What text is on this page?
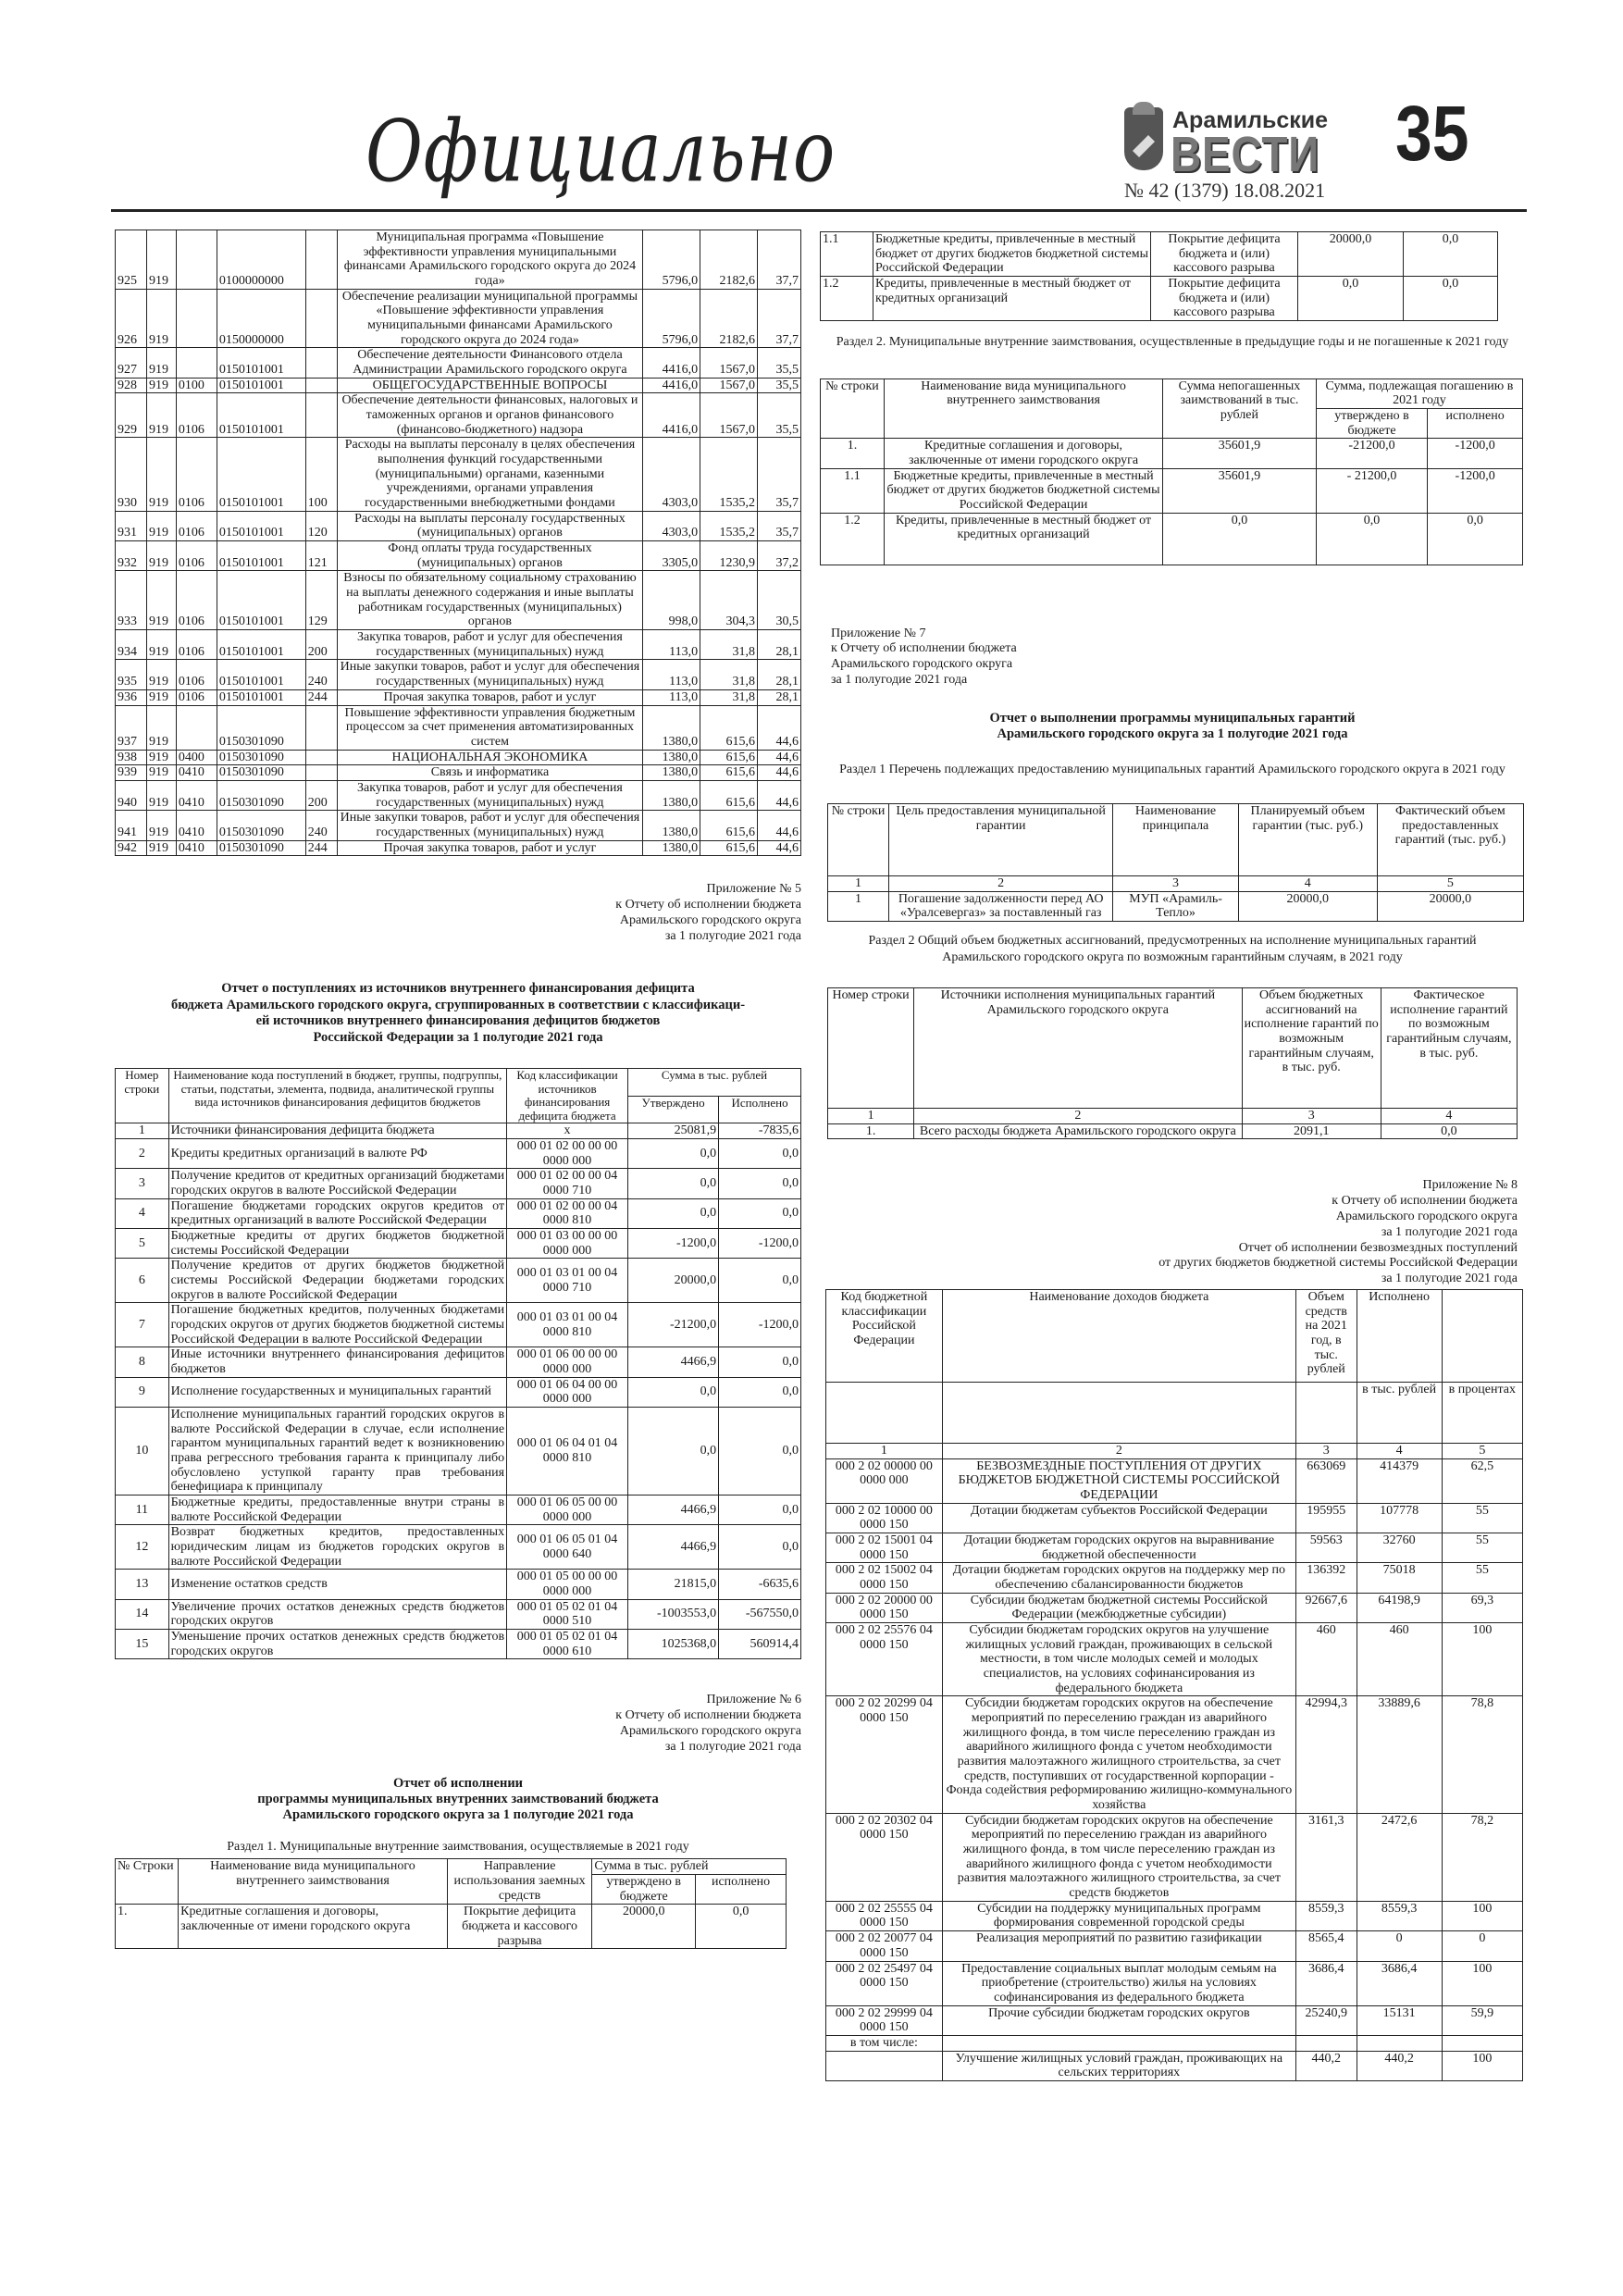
Официально	Арамильские
ВЕСТИ
№ 42 (1379) 18.08.2021
35
925	919		0100000000		Муниципальная программа «Повышение эффективности управления муниципальными финансами Арамильского городского округа до 2024 года»	5796,0	2182,6	37,7
926	919		0150000000		Обеспечение реализации муниципальной программы «Повышение эффективности управления муниципальными финансами Арамильского городского округа до 2024 года»	5796,0	2182,6	37,7
927	919		0150101001		Обеспечение деятельности Финансового отдела Администрации Арамильского городского округа	4416,0	1567,0	35,5
928	919	0100	0150101001		ОБЩЕГОСУДАРСТВЕННЫЕ ВОПРОСЫ	4416,0	1567,0	35,5
929	919	0106	0150101001		Обеспечение деятельности финансовых, налоговых и таможенных органов и органов финансового (финансово-бюджетного) надзора	4416,0	1567,0	35,5
930	919	0106	0150101001	100	Расходы на выплаты персоналу в целях обеспечения выполнения функций государственными (муниципальными) органами, казенными учреждениями, органами управления государственными внебюджетными фондами	4303,0	1535,2	35,7
931	919	0106	0150101001	120	Расходы на выплаты персоналу государственных (муниципальных) органов	4303,0	1535,2	35,7
932	919	0106	0150101001	121	Фонд оплаты труда государственных (муниципальных) органов	3305,0	1230,9	37,2
933	919	0106	0150101001	129	Взносы по обязательному социальному страхованию на выплаты денежного содержания и иные выплаты работникам государственных (муниципальных) органов	998,0	304,3	30,5
934	919	0106	0150101001	200	Закупка товаров, работ и услуг для обеспечения государственных (муниципальных) нужд	113,0	31,8	28,1
935	919	0106	0150101001	240	Иные закупки товаров, работ и услуг для обеспечения государственных (муниципальных) нужд	113,0	31,8	28,1
936	919	0106	0150101001	244	Прочая закупка товаров, работ и услуг	113,0	31,8	28,1
937	919		0150301090		Повышение эффективности управления бюджетным процессом за счет применения автоматизированных систем	1380,0	615,6	44,6
938	919	0400	0150301090		НАЦИОНАЛЬНАЯ ЭКОНОМИКА	1380,0	615,6	44,6
939	919	0410	0150301090		Связь и информатика	1380,0	615,6	44,6
940	919	0410	0150301090	200	Закупка товаров, работ и услуг для обеспечения государственных (муниципальных) нужд	1380,0	615,6	44,6
941	919	0410	0150301090	240	Иные закупки товаров, работ и услуг для обеспечения государственных (муниципальных) нужд	1380,0	615,6	44,6
942	919	0410	0150301090	244	Прочая закупка товаров, работ и услуг	1380,0	615,6	44,6
Приложение № 5
к Отчету об исполнении бюджета
Арамильского городского округа
за 1 полугодие 2021 года
Отчет о поступлениях из источников внутреннего финансирования дефицита
бюджета Арамильского городского округа, сгруппированных в соответствии с классификаци-
ей источников внутреннего финансирования дефицитов бюджетов
Российской Федерации за 1 полугодие 2021 года
Номер строки	Наименование кода поступлений в бюджет, группы, подгруппы, статьи, подстатьи, элемента, подвида, аналитической группы вида источников финансирования дефицитов бюджетов	Код классификации источников финансирования дефицита бюджета	Сумма в тыс. рублей	
			Утверждено	Исполнено
1	Источники финансирования дефицита бюджета	x	25081,9	-7835,6
2	Кредиты кредитных организаций в валюте РФ	000 01 02 00 00 00 0000 000	0,0	0,0
3	Получение кредитов от кредитных организаций бюджетами городских округов в валюте Российской Федерации	000 01 02 00 00 04 0000 710	0,0	0,0
4	Погашение бюджетами городских округов кредитов от кредитных организаций в валюте Российской Федерации	000 01 02 00 00 04 0000 810	0,0	0,0
5	Бюджетные кредиты от других бюджетов бюджетной системы Российской Федерации	000 01 03 00 00 00 0000 000	-1200,0	-1200,0
6	Получение кредитов от других бюджетов бюджетной системы Российской Федерации бюджетами городских округов в валюте Российской Федерации	000 01 03 01 00 04 0000 710	20000,0	0,0
7	Погашение бюджетных кредитов, полученных бюджетами городских округов от других бюджетов бюджетной системы Российской Федерации в валюте Российской Федерации	000 01 03 01 00 04 0000 810	-21200,0	-1200,0
8	Иные источники внутреннего финансирования дефицитов бюджетов	000 01 06 00 00 00 0000 000	4466,9	0,0
9	Исполнение государственных и муниципальных гарантий	000 01 06 04 00 00 0000 000	0,0	0,0
10	Исполнение муниципальных гарантий городских округов в валюте Российской Федерации в случае, если исполнение гарантом муниципальных гарантий ведет к возникновению права регрессного требования гаранта к принципалу либо обусловлено уступкой гаранту прав требования бенефициара к принципалу	000 01 06 04 01 04 0000 810	0,0	0,0
11	Бюджетные кредиты, предоставленные внутри страны в валюте Российской Федерации	000 01 06 05 00 00 0000 000	4466,9	0,0
12	Возврат бюджетных кредитов, предоставленных юридическим лицам из бюджетов городских округов в валюте Российской Федерации	000 01 06 05 01 04 0000 640	4466,9	0,0
13	Изменение остатков средств	000 01 05 00 00 00 0000 000	21815,0	-6635,6
14	Увеличение прочих остатков денежных средств бюджетов городских округов	000 01 05 02 01 04 0000 510	-1003553,0	-567550,0
15	Уменьшение прочих остатков денежных средств бюджетов городских округов	000 01 05 02 01 04 0000 610	1025368,0	560914,4
Приложение № 6
к Отчету об исполнении бюджета
Арамильского городского округа
за 1 полугодие 2021 года
Отчет об исполнении
программы муниципальных внутренних заимствований бюджета
Арамильского городского округа за 1 полугодие 2021 года
Раздел 1. Муниципальные внутренние заимствования, осуществляемые в 2021 году
№ Строки	Наименование вида муниципального внутреннего заимствования	Направление использования заемных средств	Сумма в тыс. рублей	
			утверждено в бюджете	исполнено
1.	Кредитные соглашения и договоры, заключенные от имени городского округа	Покрытие дефицита бюджета и кассового разрыва	20000,0	0,0
1.1	Бюджетные кредиты, привлеченные в местный бюджет от других бюджетов бюджетной системы Российской Федерации	Покрытие дефицита бюджета и (или) кассового разрыва	20000,0	0,0
1.2	Кредиты, привлеченные в местный бюджет от кредитных организаций	Покрытие дефицита бюджета и (или) кассового разрыва	0,0	0,0
Раздел 2. Муниципальные внутренние заимствования, осуществленные в предыдущие годы и не погашенные к 2021 году
№ строки	Наименование вида муниципального внутреннего заимствования	Сумма непогашенных заимствований в тыс. рублей	Сумма, подлежащая погашению в 2021 году	
			утверждено в бюджете	исполнено
1.	Кредитные соглашения и договоры, заключенные от имени городского округа	35601,9	-21200,0	-1200,0
1.1	Бюджетные кредиты, привлеченные в местный бюджет от других бюджетов бюджетной системы Российской Федерации	35601,9	- 21200,0	-1200,0
1.2	Кредиты, привлеченные в местный бюджет от кредитных организаций	0,0	0,0	0,0
Приложение № 7
к Отчету об исполнении бюджета
Арамильского городского округа
за 1 полугодие 2021 года
Отчет о выполнении программы муниципальных гарантий
Арамильского городского округа за 1 полугодие 2021 года
Раздел 1 Перечень подлежащих предоставлению муниципальных гарантий Арамильского городского округа в 2021 году
№ строки	Цель предоставления муниципальной гарантии	Наименование принципала	Планируемый объем гарантии (тыс. руб.)	Фактический объем предоставленных гарантий (тыс. руб.)
1	2	3	4	5
1	Погашение задолженности перед АО «Уралсевергаз» за поставленный газ	МУП «Арамиль-Тепло»	20000,0	20000,0
Раздел 2 Общий объем бюджетных ассигнований, предусмотренных на исполнение муниципальных гарантий Арамильского городского округа по возможным гарантийным случаям, в 2021 году
Номер строки	Источники исполнения муниципальных гарантий Арамильского городского округа	Объем бюджетных ассигнований на исполнение гарантий по возможным гарантийным случаям, в тыс. руб.	Фактическое исполнение гарантий по возможным гарантийным случаям, в тыс. руб.
1	2	3	4
1.	Всего расходы бюджета Арамильского городского округа	2091,1	0,0
Приложение № 8
к Отчету об исполнении бюджета
Арамильского городского округа
за 1 полугодие 2021 года
Отчет об исполнении безвозмездных поступлений
от других бюджетов бюджетной системы Российской Федерации
за 1 полугодие 2021 года
Код бюджетной классификации Российской Федерации	Наименование доходов бюджета	Объем средств на 2021 год, в тыс. рублей	Исполнено	
			в тыс. рублей	в процентах
1	2	3	4	5
000 2 02 00000 00 0000 000	БЕЗВОЗМЕЗДНЫЕ ПОСТУПЛЕНИЯ ОТ ДРУГИХ БЮДЖЕТОВ БЮДЖЕТНОЙ СИСТЕМЫ РОССИЙСКОЙ ФЕДЕРАЦИИ	663069	414379	62,5
000 2 02 10000 00 0000 150	Дотации бюджетам субъектов Российской Федерации	195955	107778	55
000 2 02 15001 04 0000 150	Дотации бюджетам городских округов на выравнивание бюджетной обеспеченности	59563	32760	55
000 2 02 15002 04 0000 150	Дотации бюджетам городских округов на поддержку мер по обеспечению сбалансированности бюджетов	136392	75018	55
000 2 02 20000 00 0000 150	Субсидии бюджетам бюджетной системы Российской Федерации (межбюджетные субсидии)	92667,6	64198,9	69,3
000 2 02 25576 04 0000 150	Субсидии бюджетам городских округов на улучшение жилищных условий граждан, проживающих в сельской местности, в том числе молодых семей и молодых специалистов, на условиях софинансирования из федерального бюджета	460	460	100
000 2 02 20299 04 0000 150	Субсидии бюджетам городских округов на обеспечение мероприятий по переселению граждан из аварийного жилищного фонда, в том числе переселению граждан из аварийного жилищного фонда с учетом необходимости развития малоэтажного жилищного строительства, за счет средств, поступивших от государственной корпорации - Фонда содействия реформированию жилищно-коммунального хозяйства	42994,3	33889,6	78,8
000 2 02 20302 04 0000 150	Субсидии бюджетам городских округов на обеспечение мероприятий по переселению граждан из аварийного жилищного фонда, в том числе переселению граждан из аварийного жилищного фонда с учетом необходимости развития малоэтажного жилищного строительства, за счет средств бюджетов	3161,3	2472,6	78,2
000 2 02 25555 04 0000 150	Субсидии на поддержку муниципальных программ формирования современной городской среды	8559,3	8559,3	100
000 2 02 20077 04 0000 150	Реализация мероприятий по развитию газификации	8565,4	0	0
000 2 02 25497 04 0000 150	Предоставление социальных выплат молодым семьям на приобретение (строительство) жилья на условиях софинансирования из федерального бюджета	3686,4	3686,4	100
000 2 02 29999 04 0000 150	Прочие субсидии бюджетам городских округов	25240,9	15131	59,9
в том числе:				
	Улучшение жилищных условий граждан, проживающих на сельских территориях	440,2	440,2	100
